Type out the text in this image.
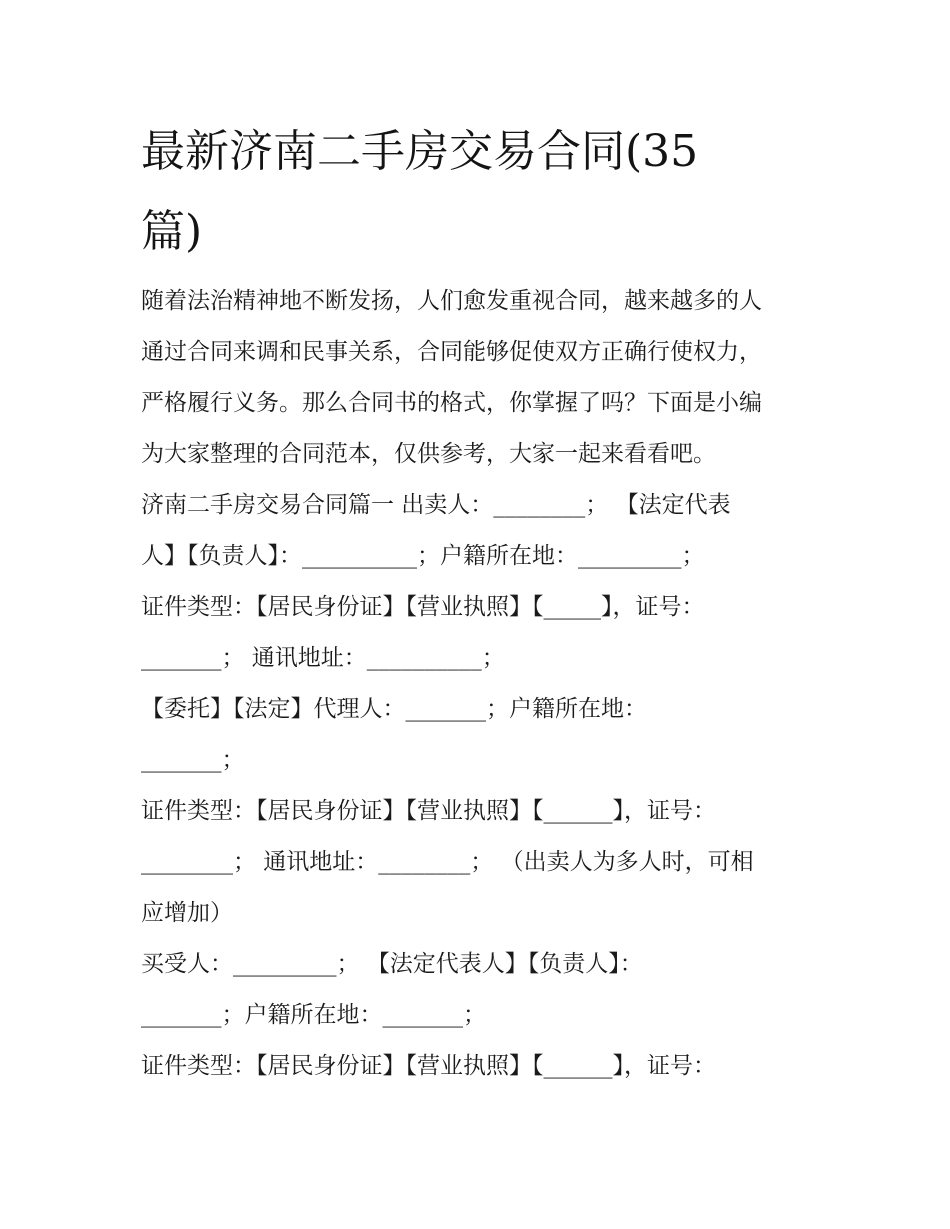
最新济南二手房交易合同(35
篇)
随着法治精神地不断发扬，人们愈发重视合同，越来越多的人
通过合同来调和民事关系，合同能够促使双方正确行使权力，
严格履行义务。那么合同书的格式，你掌握了吗？下面是小编
为大家整理的合同范本，仅供参考，大家一起来看看吧。
济南二手房交易合同篇一 出卖人：________； 【法定代表
人】【负责人】：__________；户籍所在地：_________；
证件类型：【居民身份证】【营业执照】【_____】，证号：
_______； 通讯地址：__________；
【委托】【法定】代理人：_______；户籍所在地：
_______；
证件类型：【居民身份证】【营业执照】【______】，证号：
________； 通讯地址：________； （出卖人为多人时，可相
应增加）
买受人：_________； 【法定代表人】【负责人】：
_______；户籍所在地：_______；
证件类型：【居民身份证】【营业执照】【______】，证号：
